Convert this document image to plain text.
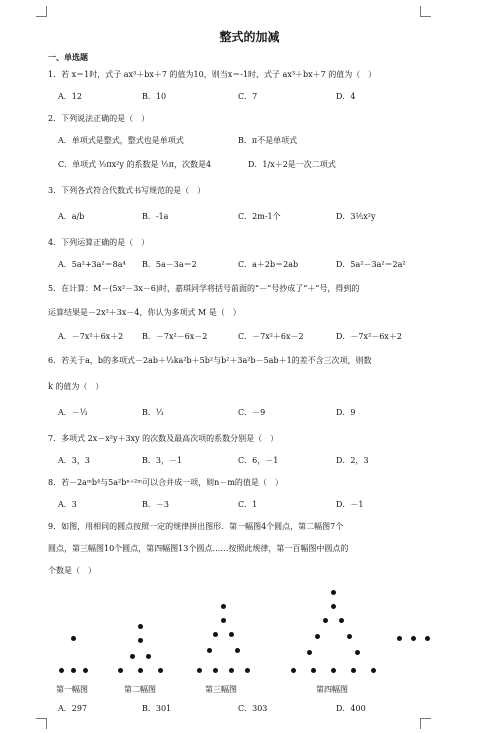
整式的加减
一、单选题
1．若 x＝1时，式子 ax³＋bx＋7 的值为10，则当x＝-1时，式子 ax³＋bx＋7 的值为（　）
A．12	B．10	C．7	D．4
2．下列说法正确的是（　）
A．单项式是整式，整式也是单项式	B．π不是单项式
C．单项式 ½πx²y 的系数是 ½π，次数是4	D．1/x＋2是一次二项式
3．下列各式符合代数式书写规范的是（　）
A．a/b	B．-1a	C．2m-1个	D．3⅕x²y
4．下列运算正确的是（　）
A．5a²+3a²＝8a⁴ B．5a－3a＝2	C．a＋2b＝2ab	D．5a²－3a²＝2a²
5．在计算：M－(5x²－3x－6)时，嘉琪同学将括号前面的“－”号抄成了“＋”号，得到的
运算结果是－2x²＋3x－4，你认为多项式 M 是（　）
A．－7x²＋6x＋2 B．－7x²－6x－2	C．－7x²＋6x－2	D．－7x²－6x＋2
6．若关于a，b的多项式－2ab＋⅓ka²b＋5b²与b²＋3a²b－5ab＋1的差不含三次项，则数
k 的值为（　）
A．－⅓	B．⅓	C．－9	D．9
7．多项式 2x－x²y＋3xy 的次数及最高次项的系数分别是（　）
A．3，3	B．3，－1	C．6，－1	D．2，3
8．若－2aᵐb⁴与5a²bⁿ⁺²ᵐ可以合并成一项，则n－m的值是（　）
A．3	B．－3	C．1	D．－1
9．如图，用相同的圆点按照一定的规律拼出图形．第一幅图4个圆点，第二幅图7个
圆点，第三幅图10个圆点，第四幅图13个圆点……按照此规律，第一百幅图中圆点的
个数是（　）
第一幅图	第二幅图	第三幅图	第四幅图
A．297	B．301	C．303	D．400
